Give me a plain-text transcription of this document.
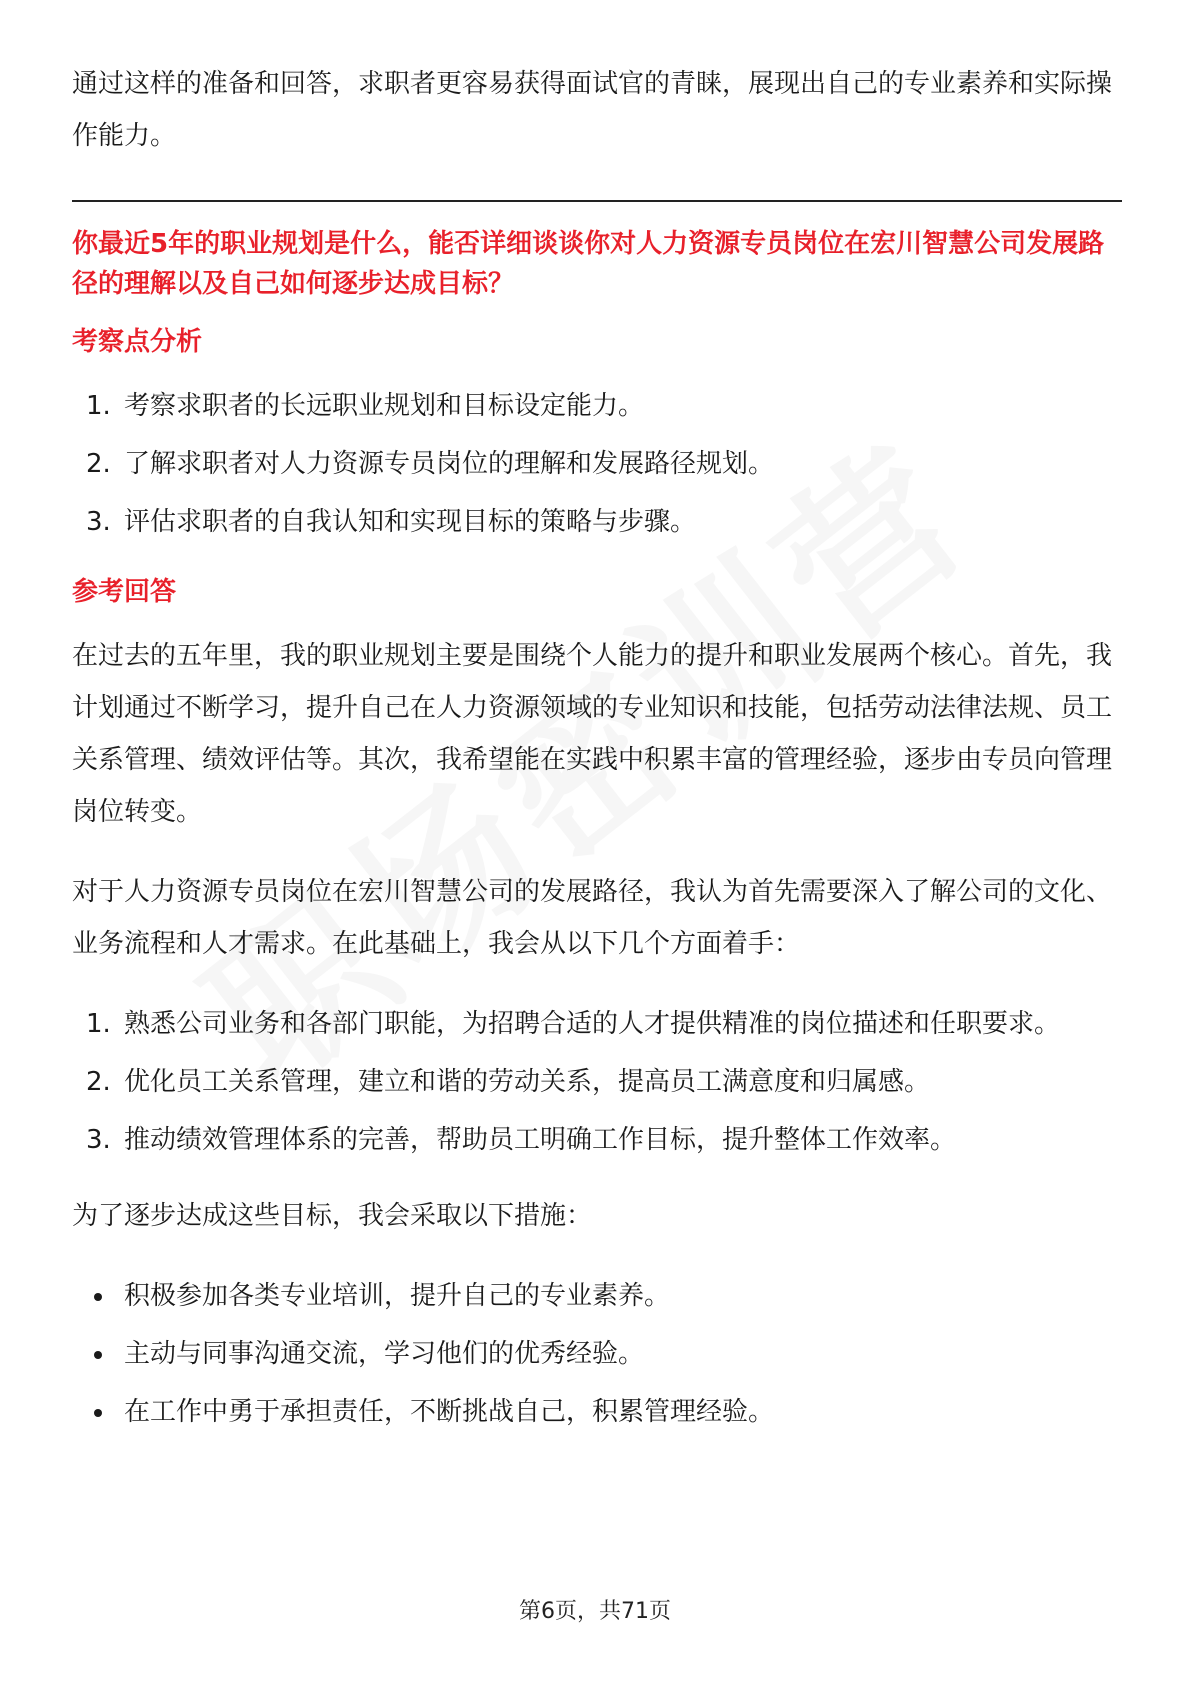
通过这样的准备和回答，求职者更容易获得面试官的青睐，展现出自己的专业素养和实际操作能力。

你最近5年的职业规划是什么，能否详细谈谈你对人力资源专员岗位在宏川智慧公司发展路径的理解以及自己如何逐步达成目标？

考察点分析
1. 考察求职者的长远职业规划和目标设定能力。
2. 了解求职者对人力资源专员岗位的理解和发展路径规划。
3. 评估求职者的自我认知和实现目标的策略与步骤。
参考回答

在过去的五年里，我的职业规划主要是围绕个人能力的提升和职业发展两个核心。首先，我计划通过不断学习，提升自己在人力资源领域的专业知识和技能，包括劳动法律法规、员工关系管理、绩效评估等。其次，我希望能在实践中积累丰富的管理经验，逐步由专员向管理岗位转变。

对于人力资源专员岗位在宏川智慧公司的发展路径，我认为首先需要深入了解公司的文化、业务流程和人才需求。在此基础上，我会从以下几个方面着手：

1. 熟悉公司业务和各部门职能，为招聘合适的人才提供精准的岗位描述和任职要求。
2. 优化员工关系管理，建立和谐的劳动关系，提高员工满意度和归属感。
3. 推动绩效管理体系的完善，帮助员工明确工作目标，提升整体工作效率。

为了逐步达成这些目标，我会采取以下措施：

积极参加各类专业培训，提升自己的专业素养。
主动与同事沟通交流，学习他们的优秀经验。
在工作中勇于承担责任，不断挑战自己，积累管理经验。
第6页，共71页
